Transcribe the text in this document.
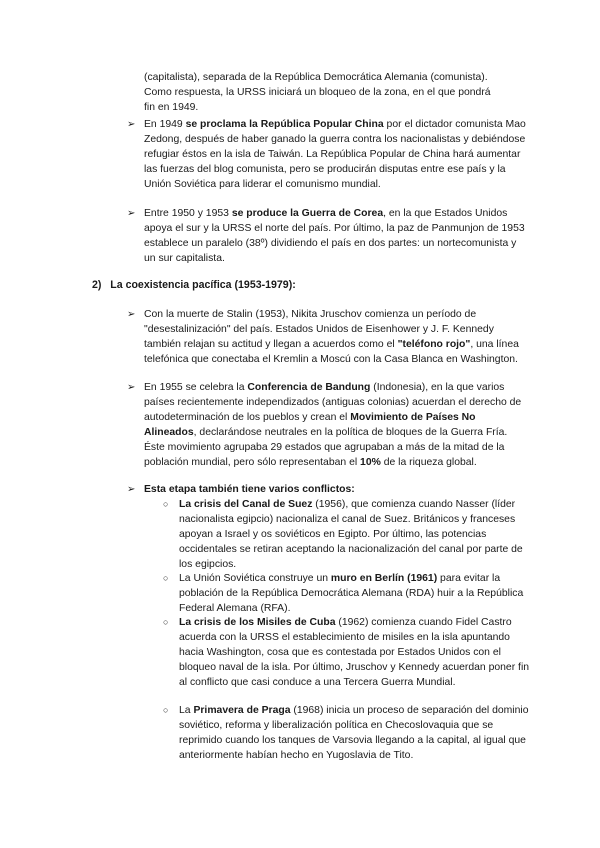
(capitalista), separada de la República Democrática Alemania (comunista).

Como respuesta, la URSS iniciará un bloqueo de la zona, en el que pondrá

fin en 1949.

➢ En 1949 se proclama la República Popular China por el dictador comunista Mao Zedong, después de haber ganado la guerra contra los nacionalistas y debiéndose refugiar éstos en la isla de Taiwán. La República Popular de China hará aumentar las fuerzas del blog comunista, pero se producirán disputas entre ese país y la Unión Soviética para liderar el comunismo mundial.
➢ Entre 1950 y 1953 se produce la Guerra de Corea, en la que Estados Unidos apoya el sur y la URSS el norte del país. Por último, la paz de Panmunjon de 1953 establece un paralelo (38º) dividiendo el país en dos partes: un nortecomunista y un sur capitalista.
2) La coexistencia pacífica (1953-1979):
➢ Con la muerte de Stalin (1953), Nikita Jruschov comienza un período de "desestalinización" del país. Estados Unidos de Eisenhower y J. F. Kennedy también relajan su actitud y llegan a acuerdos como el "teléfono rojo", una línea telefónica que conectaba el Kremlin a Moscú con la Casa Blanca en Washington.
➢ En 1955 se celebra la Conferencia de Bandung (Indonesia), en la que varios países recientemente independizados (antiguas colonias) acuerdan el derecho de autodeterminación de los pueblos y crean el Movimiento de Países No Alineados, declarándose neutrales en la política de bloques de la Guerra Fría. Éste movimiento agrupaba 29 estados que agrupaban a más de la mitad de la población mundial, pero sólo representaban el 10% de la riqueza global.
➢ Esta etapa también tiene varios conflictos:
○ La crisis del Canal de Suez (1956), que comienza cuando Nasser (líder nacionalista egipcio) nacionaliza el canal de Suez. Británicos y franceses apoyan a Israel y os soviéticos en Egipto. Por último, las potencias occidentales se retiran aceptando la nacionalización del canal por parte de los egipcios.
○ La Unión Soviética construye un muro en Berlín (1961) para evitar la población de la República Democrática Alemana (RDA) huir a la República Federal Alemana (RFA).
○ La crisis de los Misiles de Cuba (1962) comienza cuando Fidel Castro acuerda con la URSS el establecimiento de misiles en la isla apuntando hacia Washington, cosa que es contestada por Estados Unidos con el bloqueo naval de la isla. Por último, Jruschov y Kennedy acuerdan poner fin al conflicto que casi conduce a una Tercera Guerra Mundial.
○ La Primavera de Praga (1968) inicia un proceso de separación del dominio soviético, reforma y liberalización política en Checoslovaquia que se reprimido cuando los tanques de Varsovia llegando a la capital, al igual que anteriormente habían hecho en Yugoslavia de Tito.
